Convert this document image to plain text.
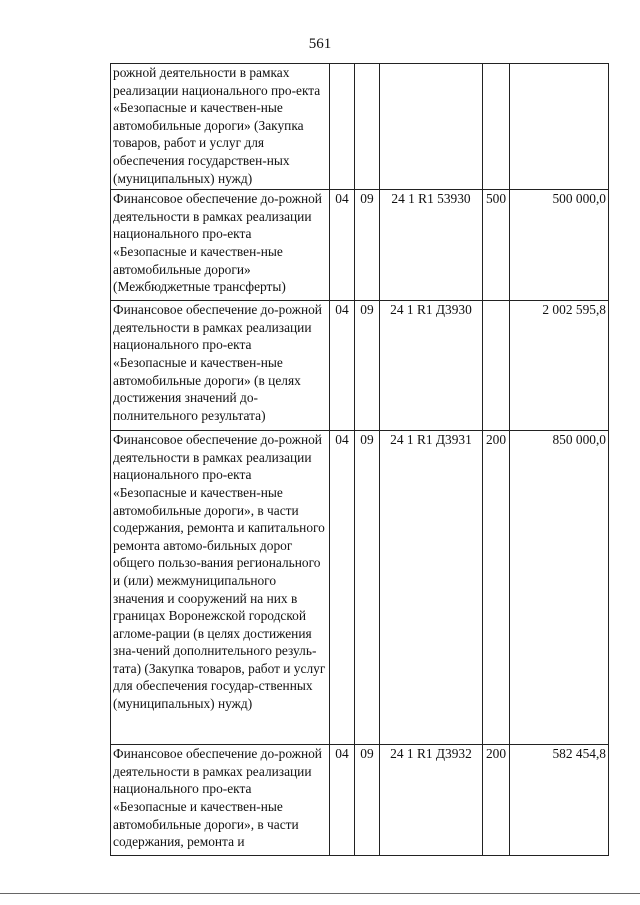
561
рожной деятельности в рамках реализации национального про-екта «Безопасные и качествен-ные автомобильные дороги» (Закупка товаров, работ и услуг для обеспечения государствен-ных (муниципальных) нужд)					
Финансовое обеспечение до-рожной деятельности в рамках реализации национального про-екта «Безопасные и качествен-ные автомобильные дороги» (Межбюджетные трансферты)	04	09	24 1 R1 53930	500	500 000,0
Финансовое обеспечение до-рожной деятельности в рамках реализации национального про-екта «Безопасные и качествен-ные автомобильные дороги» (в целях достижения значений до-полнительного результата)	04	09	24 1 R1 Д3930		2 002 595,8
Финансовое обеспечение до-рожной деятельности в рамках реализации национального про-екта «Безопасные и качествен-ные автомобильные дороги», в части содержания, ремонта и капитального ремонта автомо-бильных дорог общего пользо-вания регионального и (или) межмуниципального значения и сооружений на них в границах Воронежской городской агломе-рации (в целях достижения зна-чений дополнительного резуль-тата) (Закупка товаров, работ и услуг для обеспечения государ-ственных (муниципальных) нужд)	04	09	24 1 R1 Д3931	200	850 000,0
Финансовое обеспечение до-рожной деятельности в рамках реализации национального про-екта «Безопасные и качествен-ные автомобильные дороги», в части содержания, ремонта и	04	09	24 1 R1 Д3932	200	582 454,8
